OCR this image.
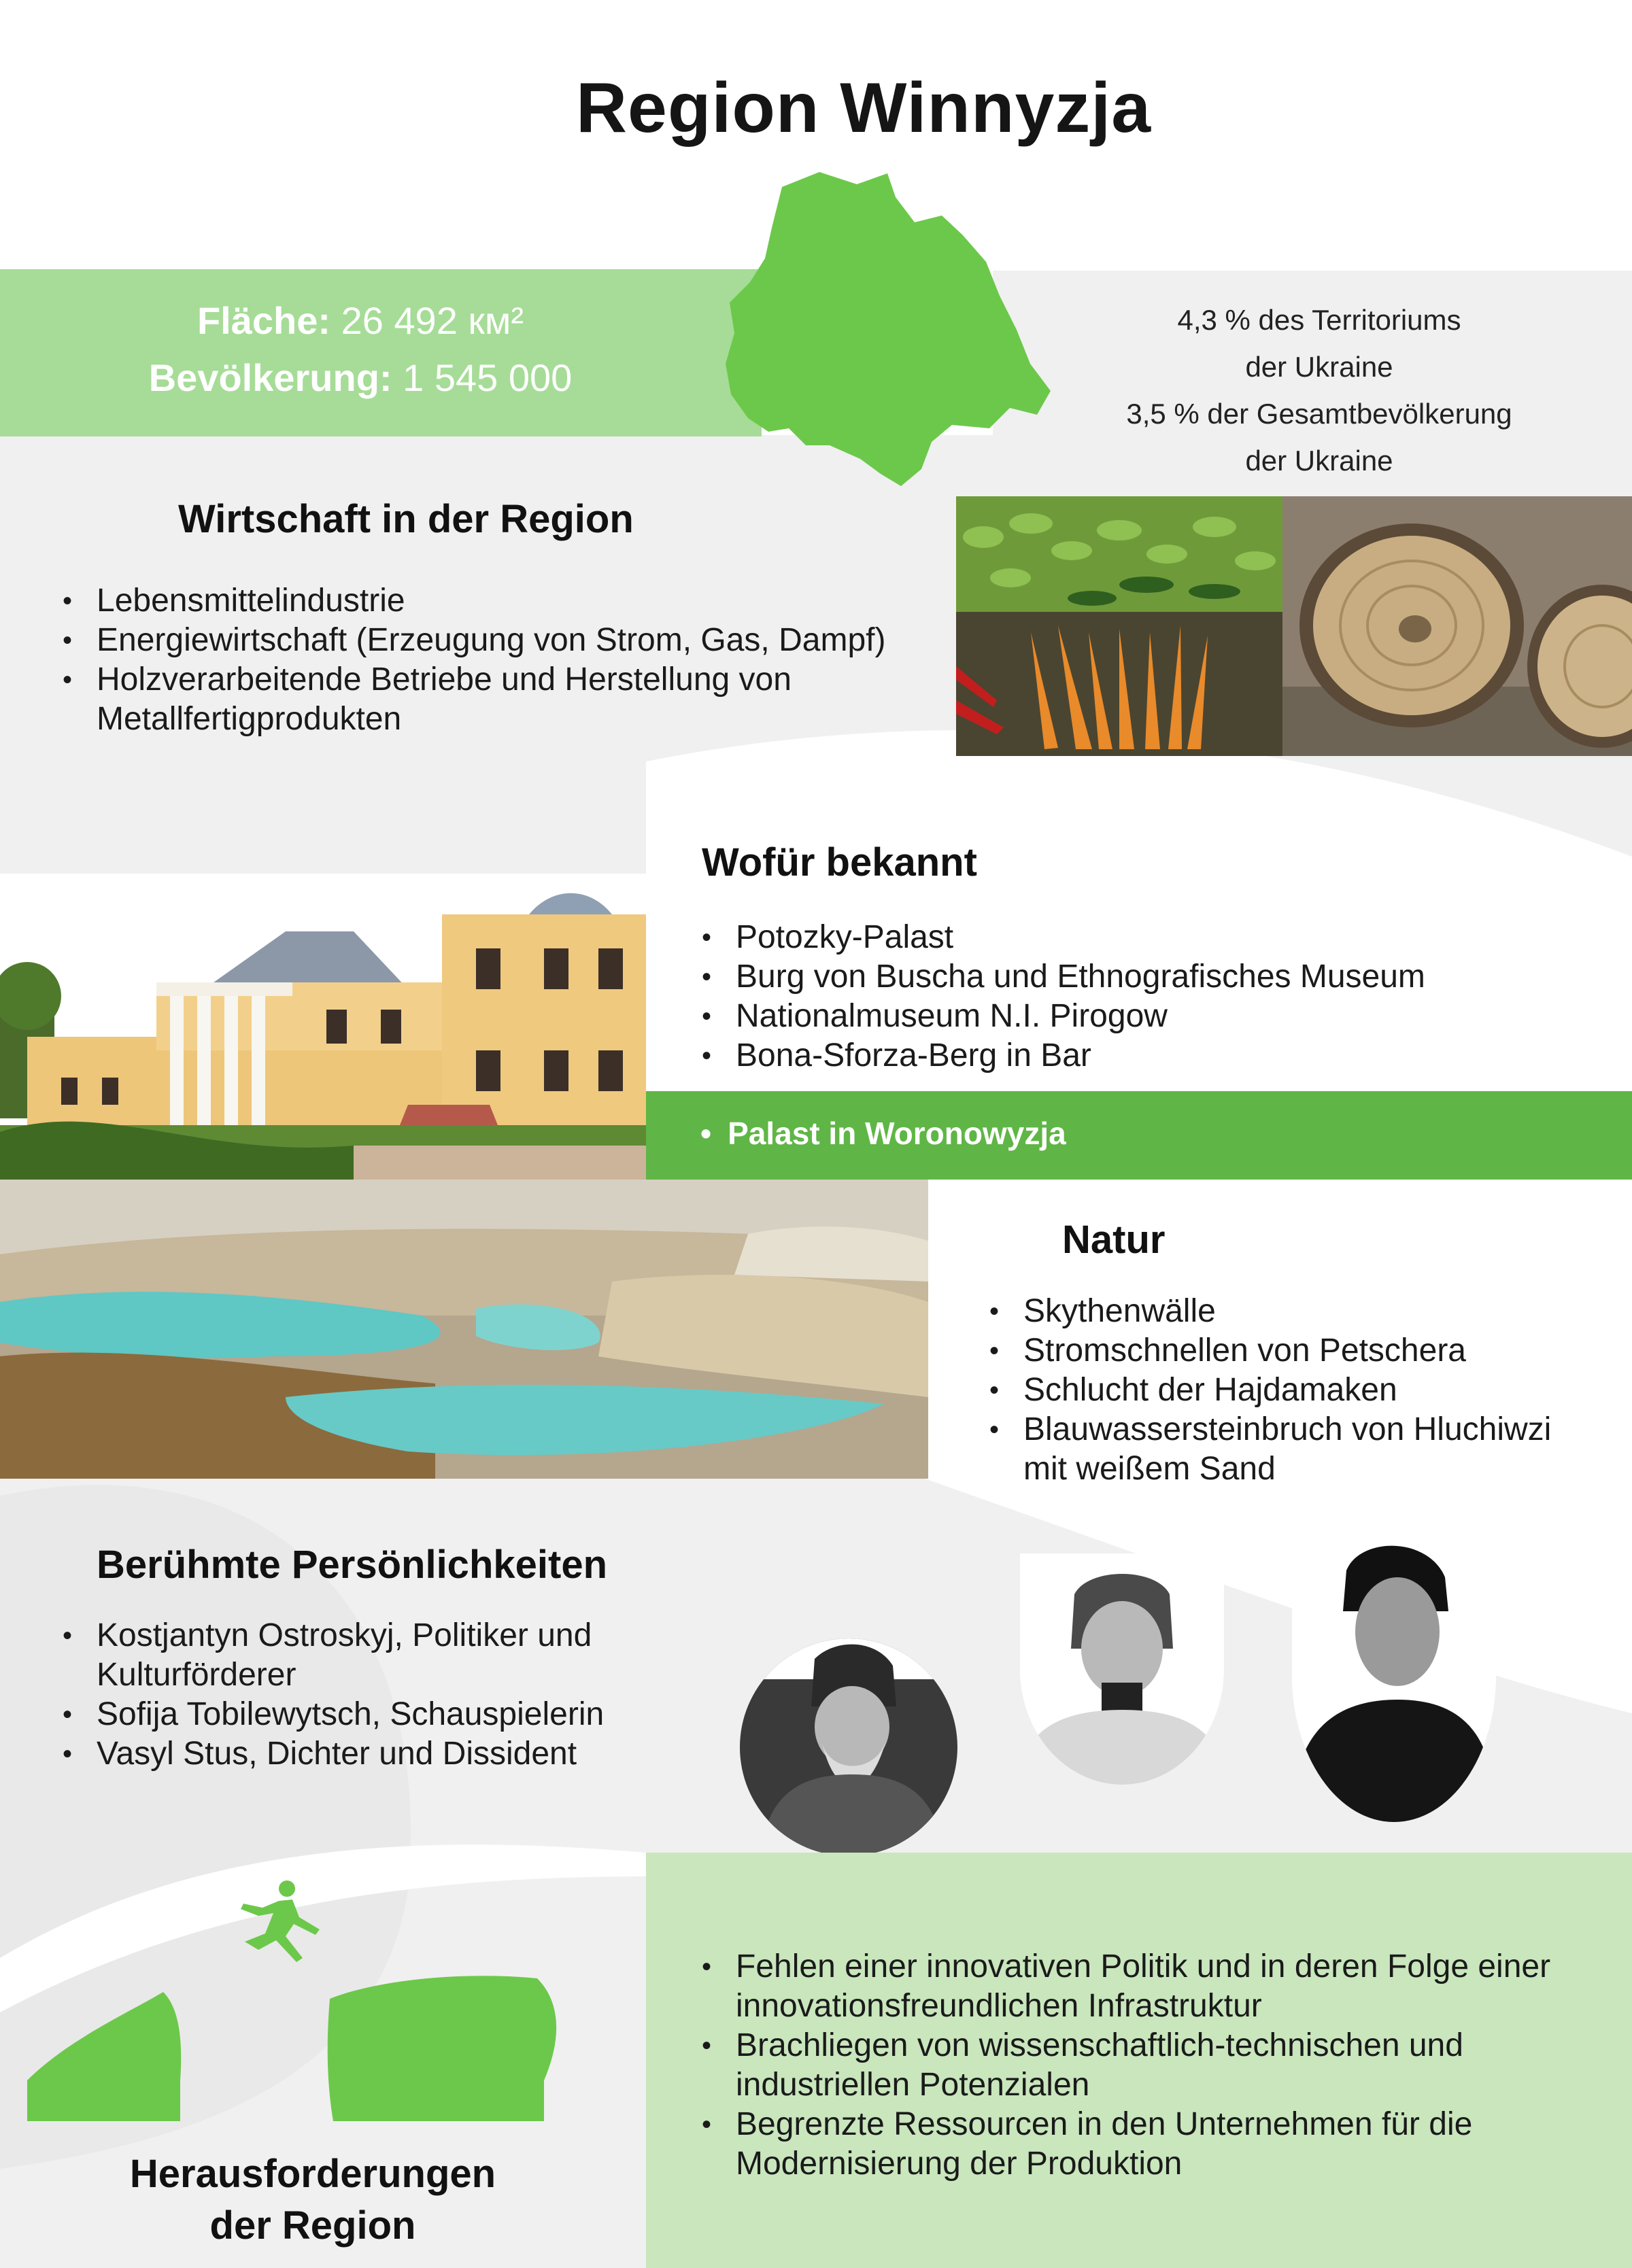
Region Winnyzja
Fläche: 26 492 км²
Bevölkerung: 1 545 000
4,3 % des Territoriums
der Ukraine
3,5 % der Gesamtbevölkerung
der Ukraine
Wirtschaft in der Region
• Lebensmittelindustrie
• Energiewirtschaft (Erzeugung von Strom, Gas, Dampf)
• Holzverarbeitende Betriebe und Herstellung von Metallfertigprodukten
Wofür bekannt
• Potozky-Palast
• Burg von Buscha und Ethnografisches Museum
• Nationalmuseum N.I. Pirogow
• Bona-Sforza-Berg in Bar
• Palast in Woronowyzja
Natur
• Skythenwälle
• Stromschnellen von Petschera
• Schlucht der Hajdamaken
• Blauwassersteinbruch von Hluchiwzi mit weißem Sand
Berühmte Persönlichkeiten
• Kostjantyn Ostroskyj, Politiker und Kulturförderer
• Sofija Tobilewytsch, Schauspielerin
• Vasyl Stus, Dichter und Dissident
• Fehlen einer innovativen Politik und in deren Folge einer innovationsfreundlichen Infrastruktur
• Brachliegen von wissenschaftlich-technischen und industriellen Potenzialen
• Begrenzte Ressourcen in den Unternehmen für die Modernisierung der Produktion
Herausforderungen
der Region
